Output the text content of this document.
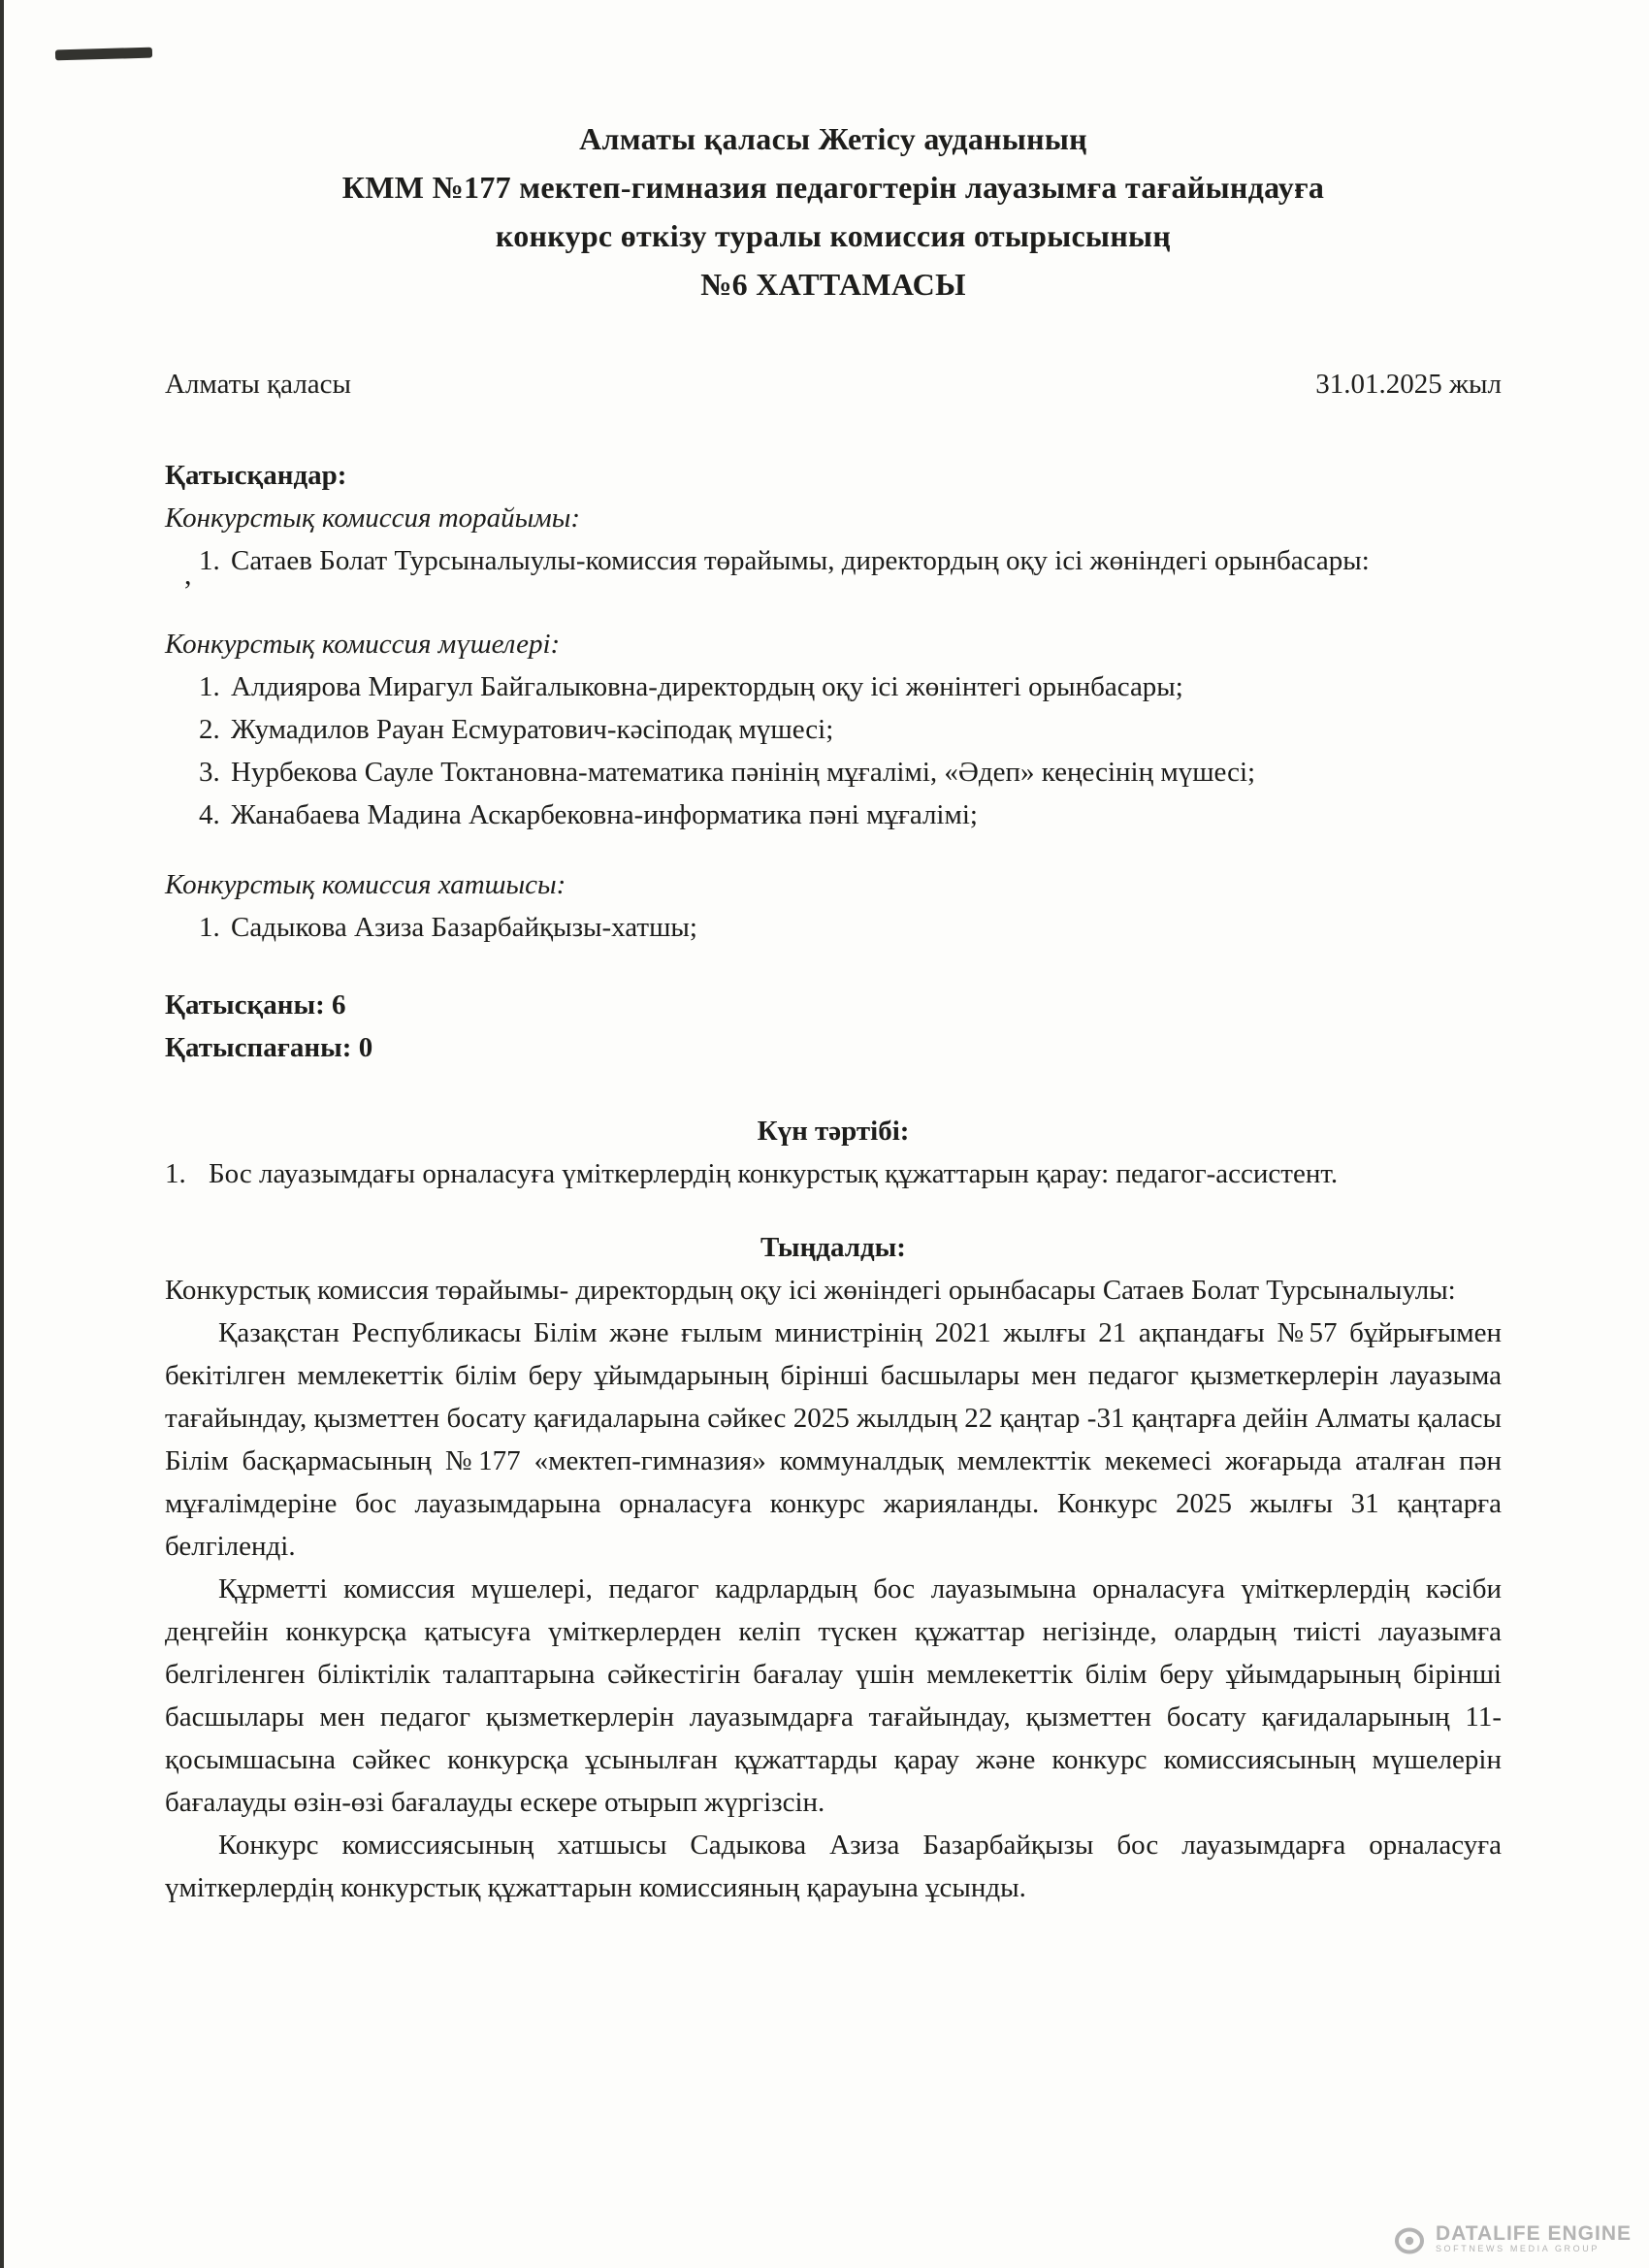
,
Алматы қаласы Жетісу ауданының
КММ №177 мектеп-гимназия педагогтерін лауазымға тағайындауға
конкурс өткізу туралы комиссия отырысының
№6 ХАТТАМАСЫ
Алматы қаласы	31.01.2025 жыл
Қатысқандар:
Конкурстық комиссия торайымы:
1. Сатаев Болат Турсыналыулы-комиссия төрайымы, директордың оқу ісі жөніндегі орынбасары:
Конкурстық комиссия мүшелері:
1. Алдиярова Мирагул Байгалыковна-директордың оқу ісі жөнінтегі орынбасары;
2. Жумадилов Рауан Есмуратович-кәсіподақ мүшесі;
3. Нурбекова Сауле Токтановна-математика пәнінің мұғалімі, «Әдеп» кеңесінің мүшесі;
4. Жанабаева Мадина Аскарбековна-информатика пәні мұғалімі;
Конкурстық комиссия хатшысы:
1. Садыкова Азиза Базарбайқызы-хатшы;
Қатысқаны: 6
Қатыспағаны: 0
Күн тәртібі:
1. Бос лауазымдағы орналасуға үміткерлердің конкурстық құжаттарын қарау: педагог-ассистент.
Тыңдалды:

Конкурстық комиссия төрайымы- директордың оқу ісі жөніндегі орынбасары Сатаев Болат Турсыналыулы:

Қазақстан Республикасы Білім және ғылым министрінің 2021 жылғы 21 ақпандағы №57 бұйрығымен бекітілген мемлекеттік білім беру ұйымдарының бірінші басшылары мен педагог қызметкерлерін лауазыма тағайындау, қызметтен босату қағидаларына сәйкес 2025 жылдың 22 қаңтар -31 қаңтарға дейін Алматы қаласы Білім басқармасының №177 «мектеп-гимназия» коммуналдық мемлекттік мекемесі жоғарыда аталған пән мұғалімдеріне бос лауазымдарына орналасуға конкурс жарияланды. Конкурс 2025 жылғы 31 қаңтарға белгіленді.

Құрметті комиссия мүшелері, педагог кадрлардың бос лауазымына орналасуға үміткерлердің кәсіби деңгейін конкурсқа қатысуға үміткерлерден келіп түскен құжаттар негізінде, олардың тиісті лауазымға белгіленген біліктілік талаптарына сәйкестігін бағалау үшін мемлекеттік білім беру ұйымдарының бірінші басшылары мен педагог қызметкерлерін лауазымдарға тағайындау, қызметтен босату қағидаларының 11-қосымшасына сәйкес конкурсқа ұсынылған құжаттарды қарау және конкурс комиссиясының мүшелерін бағалауды өзін-өзі бағалауды ескере отырып жүргізсін.

Конкурс комиссиясының хатшысы Садыкова Азиза Базарбайқызы бос лауазымдарға орналасуға үміткерлердің конкурстық құжаттарын комиссияның қарауына ұсынды.

DATALIFE ENGINE
SOFTNEWS MEDIA GROUP
